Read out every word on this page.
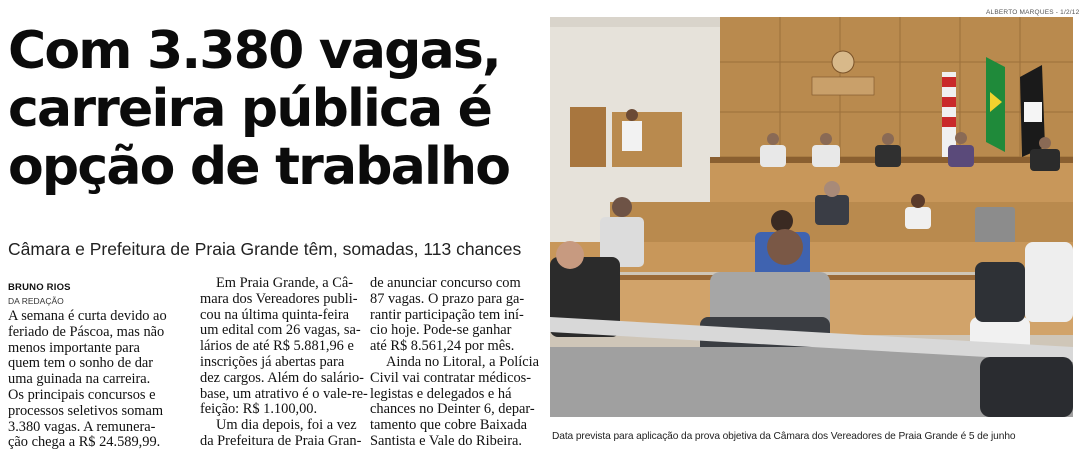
Com 3.380 vagas,
carreira pública é
opção de trabalho
Câmara e Prefeitura de Praia Grande têm, somadas, 113 chances
BRUNO RIOS
DA REDAÇÃO
A semana é curta devido ao
feriado de Páscoa, mas não
menos importante para
quem tem o sonho de dar
uma guinada na carreira.
Os principais concursos e
processos seletivos somam
3.380 vagas. A remunera-
ção chega a R$ 24.589,99.
Em Praia Grande, a Câ-
mara dos Vereadores publi-
cou na última quinta-feira
um edital com 26 vagas, sa-
lários de até R$ 5.881,96 e
inscrições já abertas para
dez cargos. Além do salário-
base, um atrativo é o vale-re-
feição: R$ 1.100,00.
Um dia depois, foi a vez
da Prefeitura de Praia Gran-
de anunciar concurso com
87 vagas. O prazo para ga-
rantir participação tem iní-
cio hoje. Pode-se ganhar
até R$ 8.561,24 por mês.
Ainda no Litoral, a Polícia
Civil vai contratar médicos-
legistas e delegados e há
chances no Deinter 6, depar-
tamento que cobre Baixada
Santista e Vale do Ribeira.
ALBERTO MARQUES - 1/2/12
Data prevista para aplicação da prova objetiva da Câmara dos Vereadores de Praia Grande é 5 de junho
